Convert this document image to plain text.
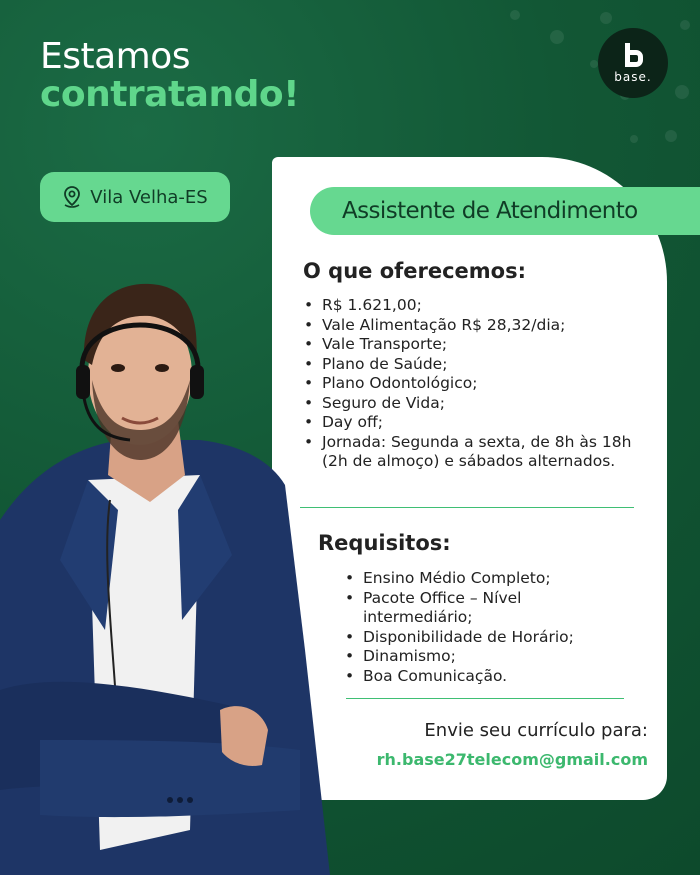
Estamos
contratando!	base.
Vila Velha-ES
Assistente de Atendimento
O que oferecemos:
• R$ 1.621,00;
• Vale Alimentação R$ 28,32/dia;
• Vale Transporte;
• Plano de Saúde;
• Plano Odontológico;
• Seguro de Vida;
• Day off;
• Jornada: Segunda a sexta, de 8h às 18h (2h de almoço) e sábados alternados.
Requisitos:
• Ensino Médio Completo;
• Pacote Office – Nível intermediário;
• Disponibilidade de Horário;
• Dinamismo;
• Boa Comunicação.
Envie seu currículo para:
rh.base27telecom@gmail.com
